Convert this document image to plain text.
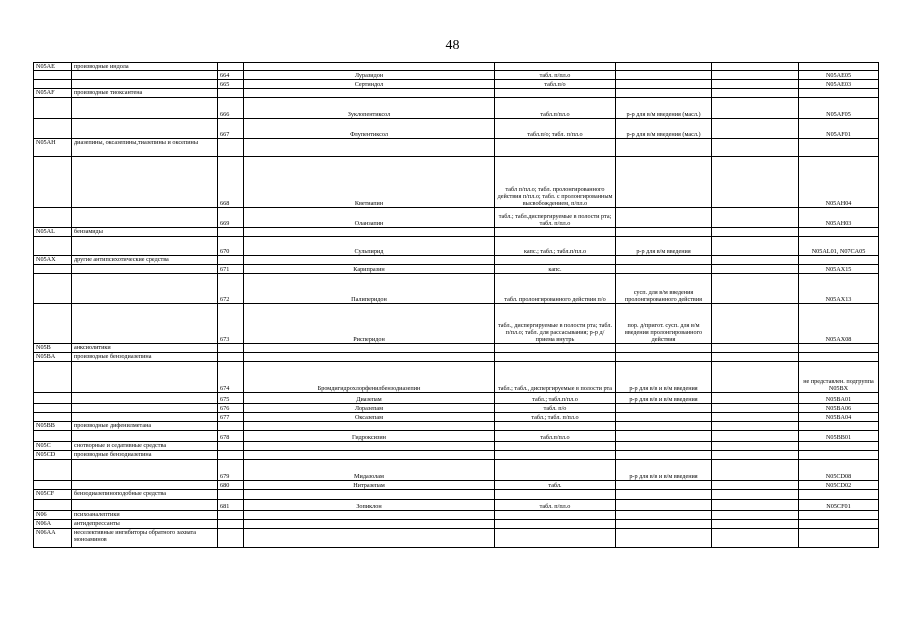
48
N05AE	производные индола						
		664	Луразидон	табл. п/пл.о			N05AE05
		665	Сертиндол	табл.п/о			N05AE03
N05AF	производные тиоксантена						
		666	Зуклопентиксол	табл.п/пл.о	р-р для в/м введения (масл.)		N05AF05
		667	Флупентиксол	табл.п/о; табл. п/пл.о	р-р для в/м введения (масл.)		N05AF01
N05AH	диазепины, оксазепины,тиазепины и оксепины						
		668	Кветиапин	табл п/пл.о; табл. пролонгированного действия п/пл.о; табл. с пролонгированным высвобождением, п/пл.о			N05AH04
		669	Оланзапин	табл.; табл.диспергируемые в полости рта; табл. п/пл.о			N05AH03
N05AL	бензамиды						
		670	Сульпирид	капс.; табл.; табл.п/пл.о	р-р для в/м введения		N05AL01, N07CA05
N05AX	другие антипсихотические средства						
		671	Карипразин	капс.			N05AX15
		672	Палиперидон	табл. пролонгированного действия п/о	сусп. для в/м введения пролонгированного действия		N05AX13
		673	Рисперидон	табл., диспергируемые в полости рта; табл. п/пл.о; табл. для рассасывания; р-р д/приема внутрь	пор. д/пригот. сусп. для в/м введения пролонгированного действия		N05AX08
N05B	анксиолитики						
N05BA	производные бензодиазепина						
		674	Бромдигидрохлорфенилбензодиазепин	табл.; табл., диспергируемые в полости рта	р-р для в/в и в/м введения		не представлен. подгруппа N05BX
		675	Диазепам	табл.; табл.п/пл.о	р-р для в/в и в/м введения		N05BA01
		676	Лоразепам	табл. п/о			N05BA06
		677	Оксазепам	табл.; табл. п/пл.о			N05BA04
N05BB	производные дифенилметана						
		678	Гидроксизин	табл.п/пл.о			N05BB01
N05C	снотворные и седативные средства						
N05CD	производные бензодиазепина						
		679	Мидазолам		р-р для в/в и в/м введения		N05CD08
		680	Нитразепам	табл.			N05CD02
N05CF	бензодиазепиноподобные средства						
		681	Зопиклон	табл. п/пл.о			N05CF01
N06	психоаналептики						
N06A	антидепрессанты						
N06AA	неселективные ингибиторы обратного захвата моноаминов						
